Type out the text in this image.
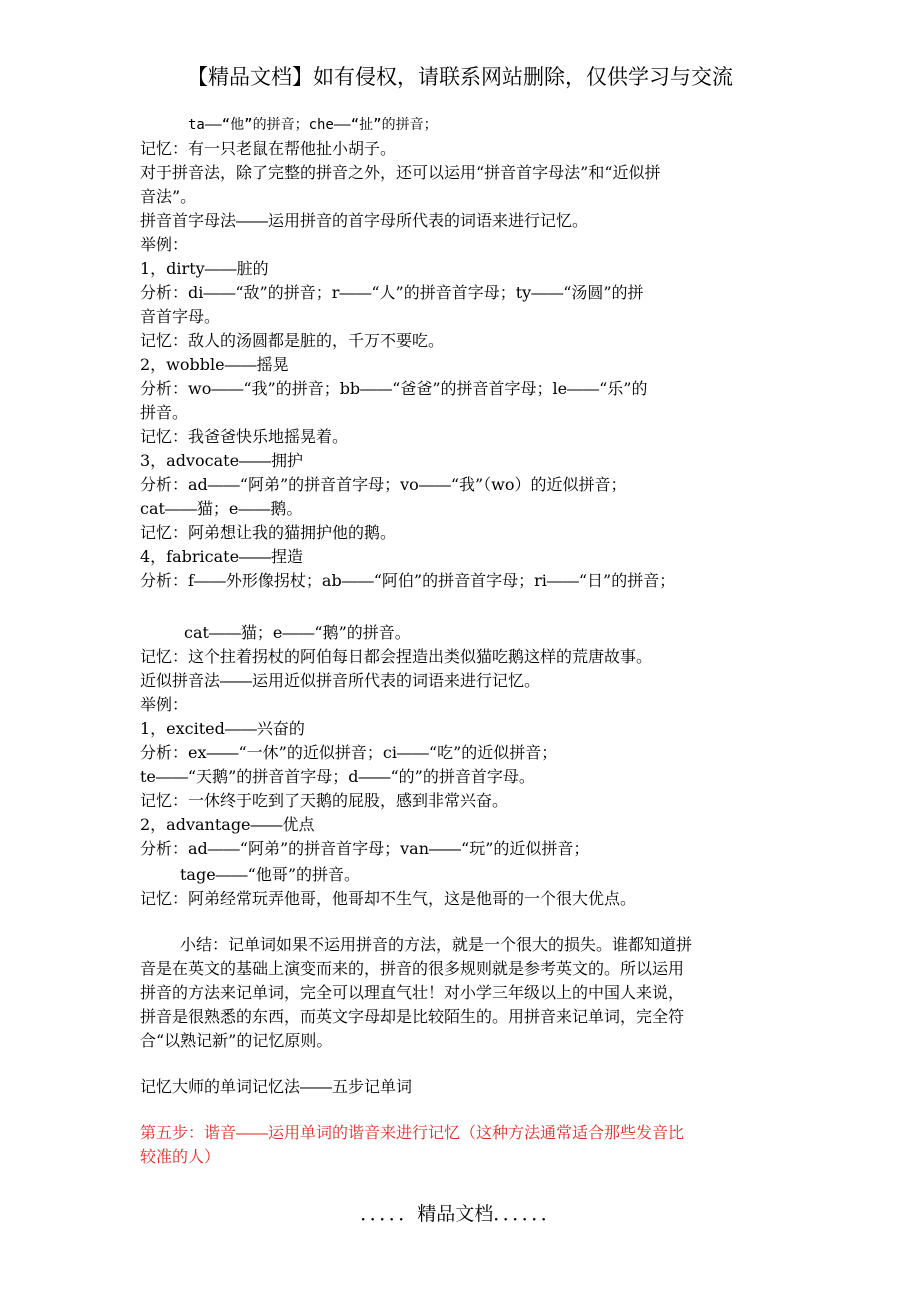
【精品文档】如有侵权，请联系网站删除，仅供学习与交流
ta――“他”的拼音；che――“扯”的拼音；
记忆：有一只老鼠在帮他扯小胡子。
对于拼音法，除了完整的拼音之外，还可以运用“拼音首字母法”和“近似拼
音法”。
拼音首字母法――运用拼音的首字母所代表的词语来进行记忆。
举例：
1，dirty――脏的
分析：di――“敌”的拼音；r――“人”的拼音首字母；ty――“汤圆”的拼
音首字母。
记忆：敌人的汤圆都是脏的，千万不要吃。
2，wobble――摇晃
分析：wo――“我”的拼音；bb――“爸爸”的拼音首字母；le――“乐”的
拼音。
记忆：我爸爸快乐地摇晃着。
3，advocate――拥护
分析：ad――“阿弟”的拼音首字母；vo――“我”（wo）的近似拼音；
cat――猫；e――鹅。
记忆：阿弟想让我的猫拥护他的鹅。
4，fabricate――捏造
分析：f――外形像拐杖；ab――“阿伯”的拼音首字母；ri――“日”的拼音；
cat――猫；e――“鹅”的拼音。
记忆：这个拄着拐杖的阿伯每日都会捏造出类似猫吃鹅这样的荒唐故事。
近似拼音法――运用近似拼音所代表的词语来进行记忆。
举例：
1，excited――兴奋的
分析：ex――“一休”的近似拼音；ci――“吃”的近似拼音；
te――“天鹅”的拼音首字母；d――“的”的拼音首字母。
记忆：一休终于吃到了天鹅的屁股，感到非常兴奋。
2，advantage――优点
分析：ad――“阿弟”的拼音首字母；van――“玩”的近似拼音；
tage――“他哥”的拼音。
记忆：阿弟经常玩弄他哥，他哥却不生气，这是他哥的一个很大优点。
小结：记单词如果不运用拼音的方法，就是一个很大的损失。谁都知道拼
音是在英文的基础上演变而来的，拼音的很多规则就是参考英文的。所以运用
拼音的方法来记单词，完全可以理直气壮！对小学三年级以上的中国人来说，
拼音是很熟悉的东西，而英文字母却是比较陌生的。用拼音来记单词，完全符
合“以熟记新”的记忆原则。
记忆大师的单词记忆法――五步记单词
第五步：谐音――运用单词的谐音来进行记忆（这种方法通常适合那些发音比
较准的人）
．．．．．精品文档．．．．．．
